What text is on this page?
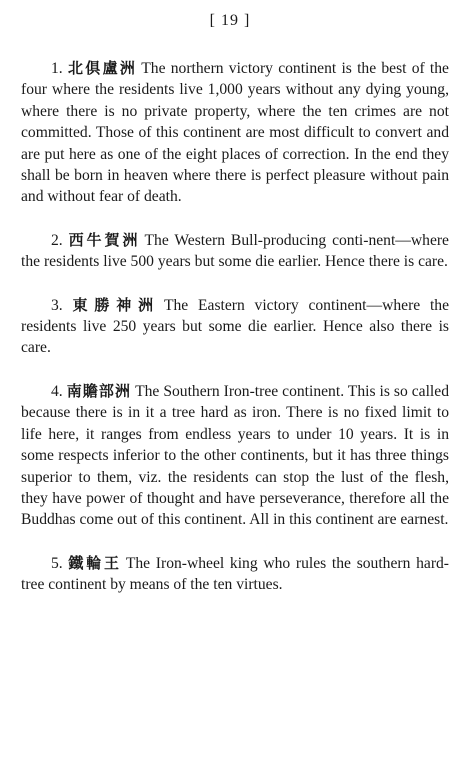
[ 19 ]

1. 北俱盧洲 The northern victory continent is the best of the four where the residents live 1,000 years without any dying young, where there is no private property, where the ten crimes are not committed. Those of this continent are most difficult to convert and are put here as one of the eight places of correction. In the end they shall be born in heaven where there is perfect pleasure without pain and without fear of death.

2. 西牛賀洲 The Western Bull-producing conti-nent—where the residents live 500 years but some die earlier. Hence there is care.

3. 東勝神洲 The Eastern victory continent—where the residents live 250 years but some die earlier. Hence also there is care.

4. 南贍部洲 The Southern Iron-tree continent. This is so called because there is in it a tree hard as iron. There is no fixed limit to life here, it ranges from endless years to under 10 years. It is in some respects inferior to the other continents, but it has three things superior to them, viz. the residents can stop the lust of the flesh, they have power of thought and have perseverance, therefore all the Buddhas come out of this continent. All in this continent are earnest.

5. 鐵輪王 The Iron-wheel king who rules the southern hard-tree continent by means of the ten virtues.
